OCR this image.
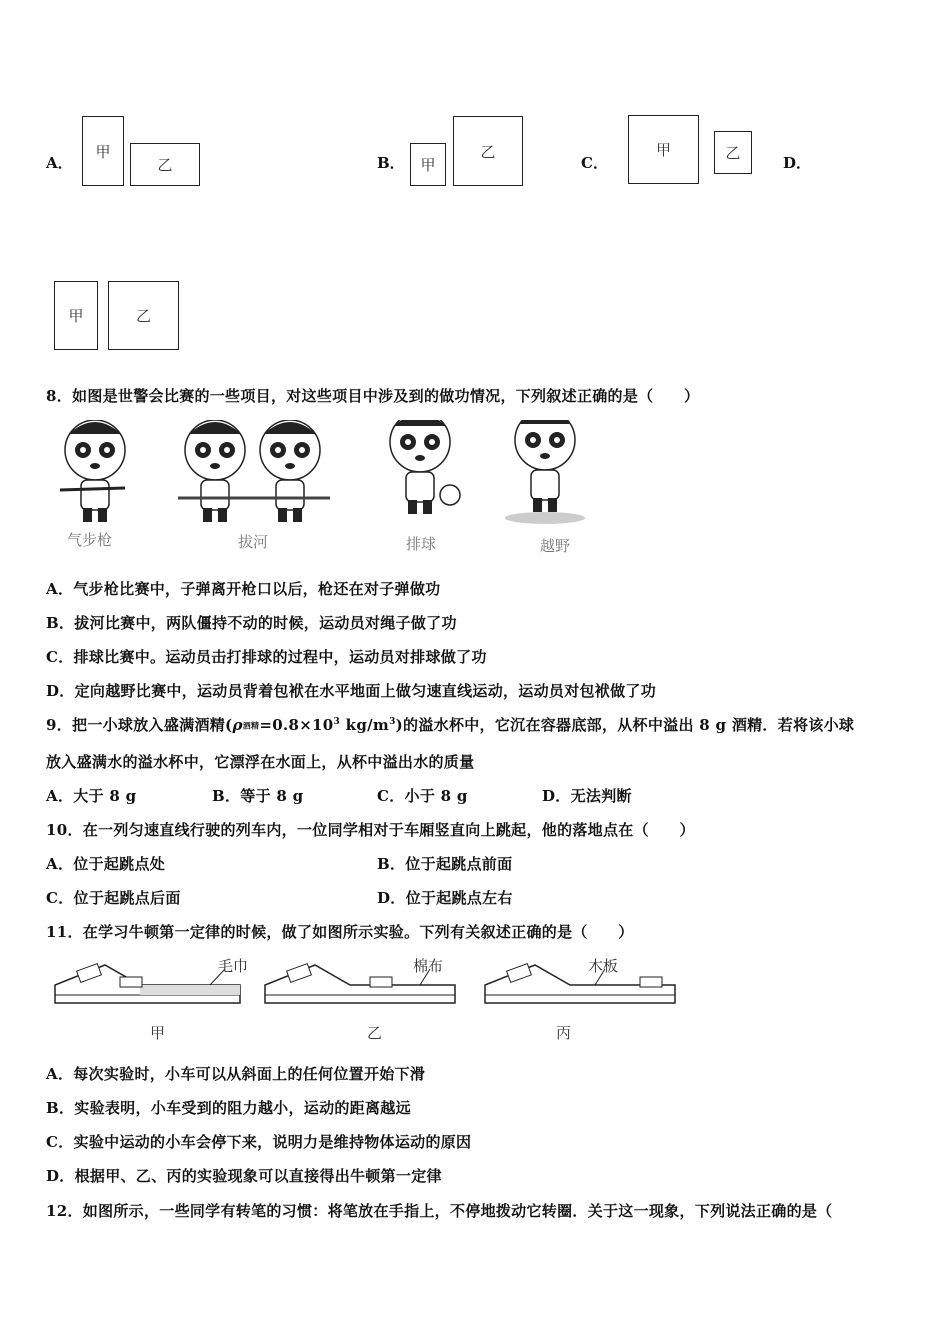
A．
甲
乙	B．	甲
乙
C．
甲	乙
D．
甲	乙
8．如图是世警会比赛的一些项目，对这些项目中涉及到的做功情况，下列叙述正确的是（　　）
气步枪	拔河	排球	越野
A．气步枪比赛中，子弹离开枪口以后，枪还在对子弹做功
B．拔河比赛中，两队僵持不动的时候，运动员对绳子做了功
C．排球比赛中。运动员击打排球的过程中，运动员对排球做了功
D．定向越野比赛中，运动员背着包袱在水平地面上做匀速直线运动，运动员对包袱做了功
9．把一小球放入盛满酒精(ρ酒精$=0.8\times 10^3$ $kg/m^3$)的溢水杯中，它沉在容器底部，从杯中溢出 8 g 酒精．若将该小球
放入盛满水的溢水杯中，它漂浮在水面上，从杯中溢出水的质量
A．大于 8 g	B．等于 8 g	C．小于 8 g	D．无法判断
10．在一列匀速直线行驶的列车内，一位同学相对于车厢竖直向上跳起，他的落地点在（　　）
A．位于起跳点处	B．位于起跳点前面
C．位于起跳点后面	D．位于起跳点左右
11．在学习牛顿第一定律的时候，做了如图所示实验。下列有关叙述正确的是（　　）
毛巾	棉布	木板
甲	乙	丙
A．每次实验时，小车可以从斜面上的任何位置开始下滑
B．实验表明，小车受到的阻力越小，运动的距离越远
C．实验中运动的小车会停下来，说明力是维持物体运动的原因
D．根据甲、乙、丙的实验现象可以直接得出牛顿第一定律
12．如图所示，一些同学有转笔的习惯：将笔放在手指上，不停地拨动它转圈．关于这一现象，下列说法正确的是（
